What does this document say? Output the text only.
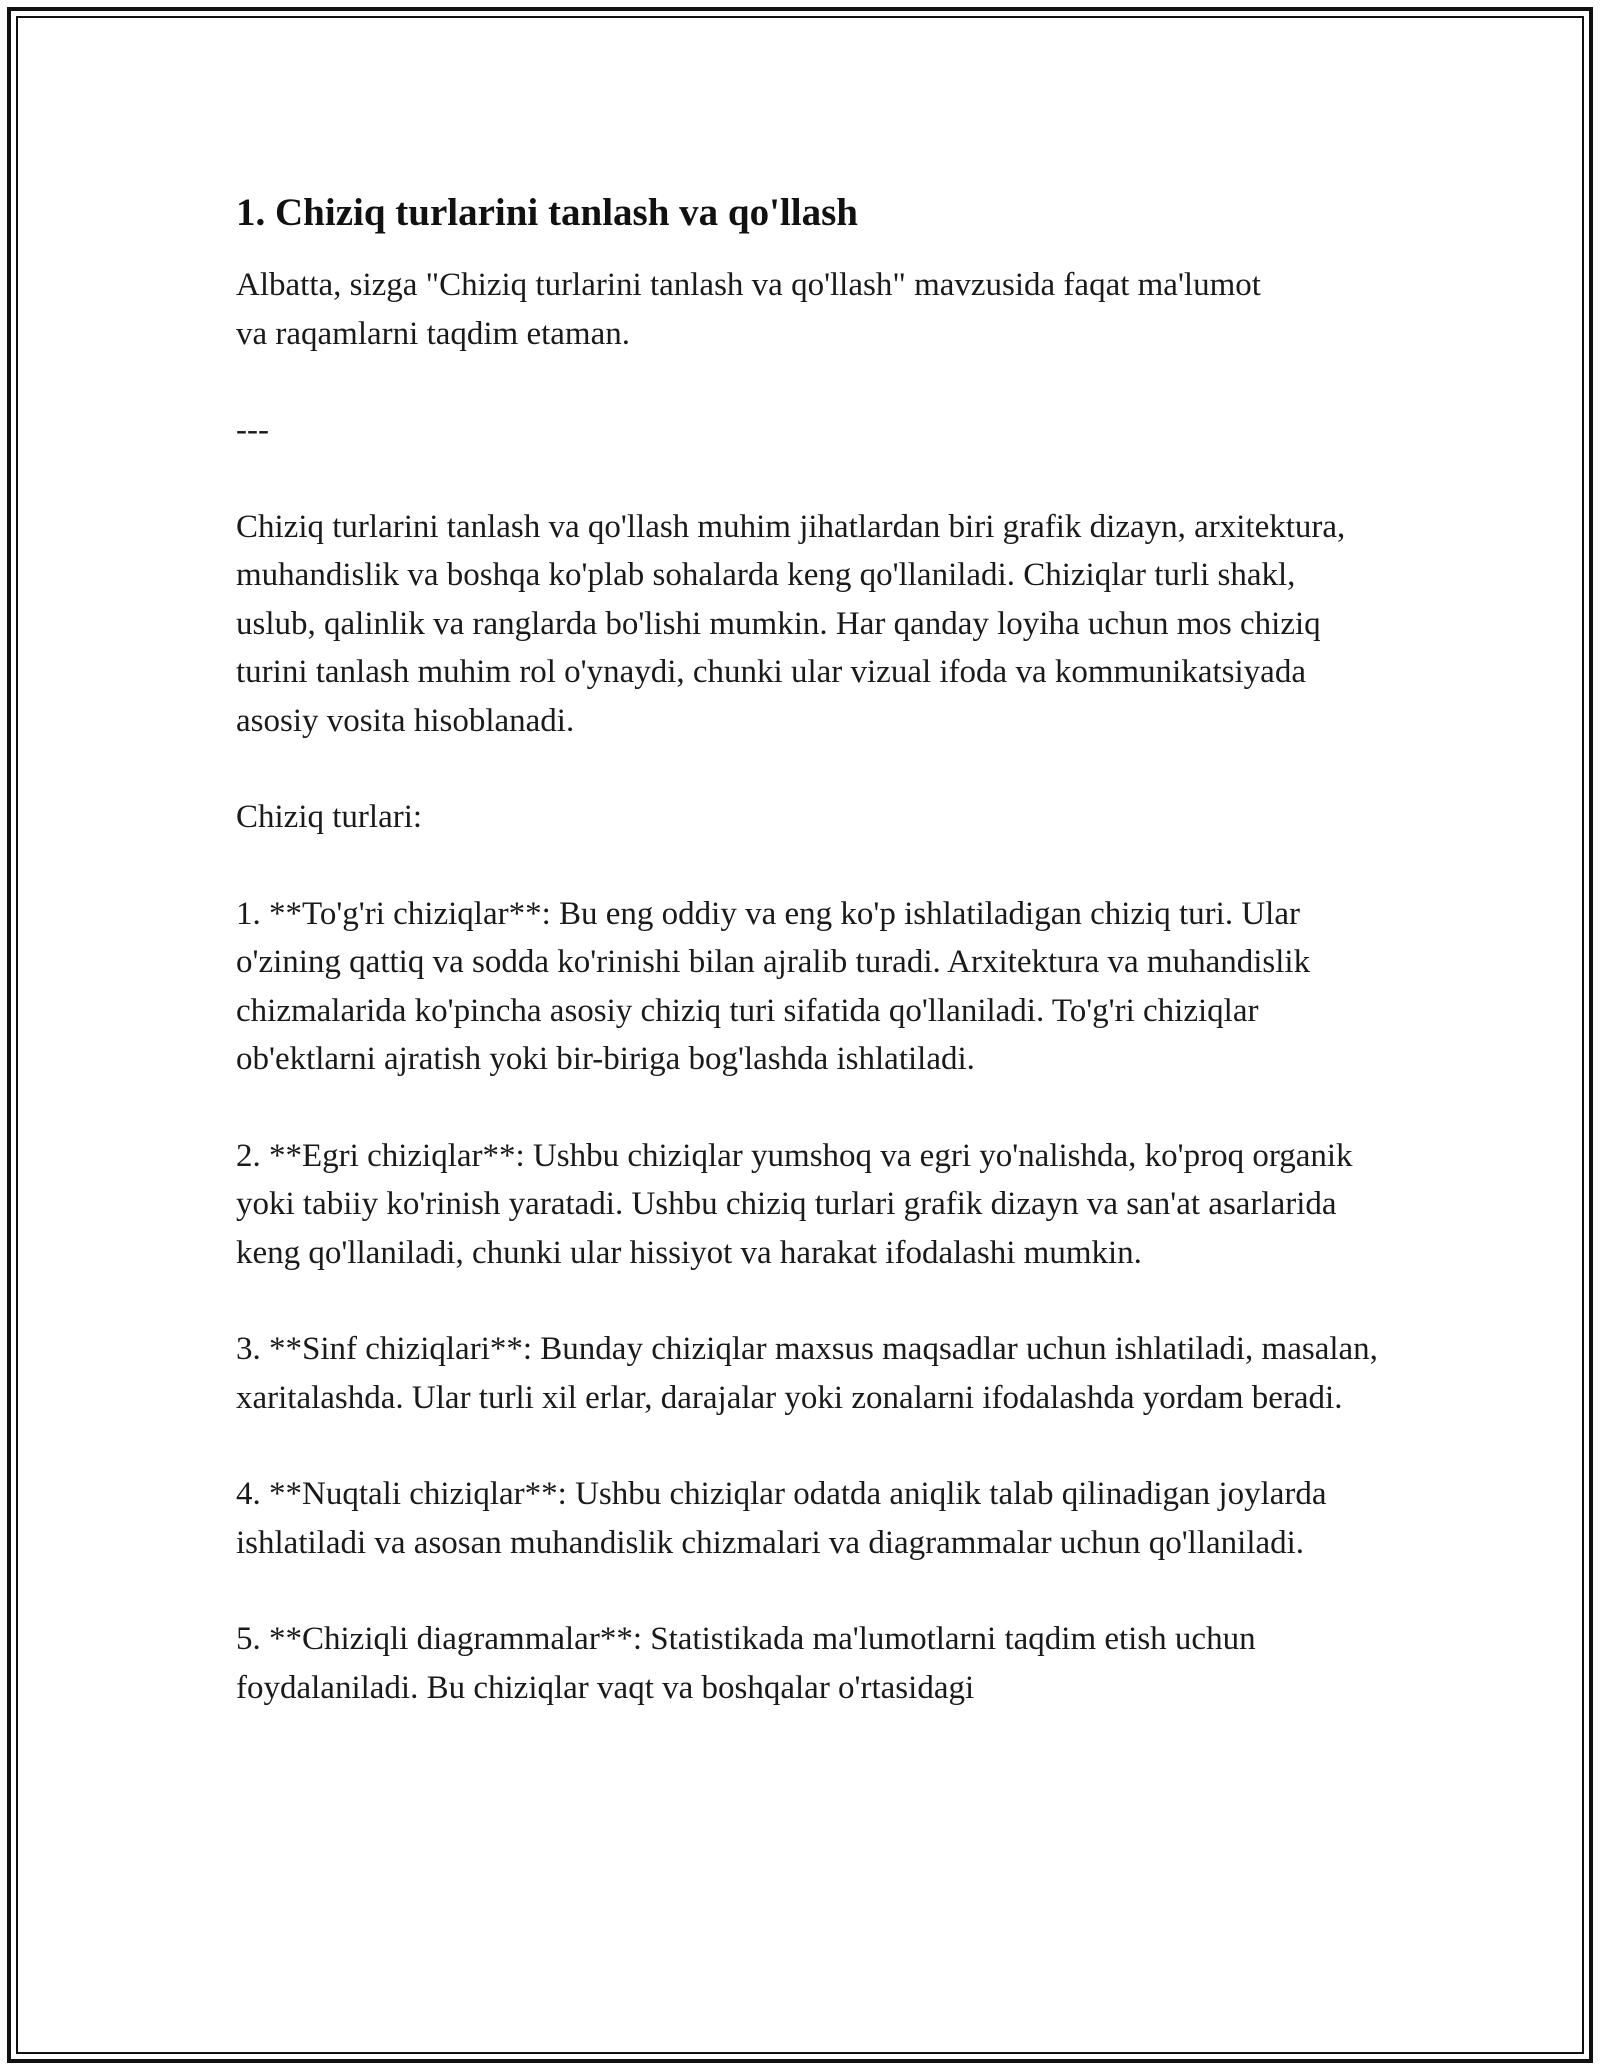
1. Chiziq turlarini tanlash va qo'llash

Albatta, sizga "Chiziq turlarini tanlash va qo'llash" mavzusida faqat ma'lumot va raqamlarni taqdim etaman.

---

Chiziq turlarini tanlash va qo'llash muhim jihatlardan biri grafik dizayn, arxitektura, muhandislik va boshqa ko'plab sohalarda keng qo'llaniladi. Chiziqlar turli shakl, uslub, qalinlik va ranglarda bo'lishi mumkin. Har qanday loyiha uchun mos chiziq turini tanlash muhim rol o'ynaydi, chunki ular vizual ifoda va kommunikatsiyada asosiy vosita hisoblanadi.

Chiziq turlari:

1. **To'g'ri chiziqlar**: Bu eng oddiy va eng ko'p ishlatiladigan chiziq turi. Ular o'zining qattiq va sodda ko'rinishi bilan ajralib turadi. Arxitektura va muhandislik chizmalarida ko'pincha asosiy chiziq turi sifatida qo'llaniladi. To'g'ri chiziqlar ob'ektlarni ajratish yoki bir-biriga bog'lashda ishlatiladi.

2. **Egri chiziqlar**: Ushbu chiziqlar yumshoq va egri yo'nalishda, ko'proq organik yoki tabiiy ko'rinish yaratadi. Ushbu chiziq turlari grafik dizayn va san'at asarlarida keng qo'llaniladi, chunki ular hissiyot va harakat ifodalashi mumkin.

3. **Sinf chiziqlari**: Bunday chiziqlar maxsus maqsadlar uchun ishlatiladi, masalan, xaritalashda. Ular turli xil erlar, darajalar yoki zonalarni ifodalashda yordam beradi.

4. **Nuqtali chiziqlar**: Ushbu chiziqlar odatda aniqlik talab qilinadigan joylarda ishlatiladi va asosan muhandislik chizmalari va diagrammalar uchun qo'llaniladi.

5. **Chiziqli diagrammalar**: Statistikada ma'lumotlarni taqdim etish uchun foydalaniladi. Bu chiziqlar vaqt va boshqalar o'rtasidagi
